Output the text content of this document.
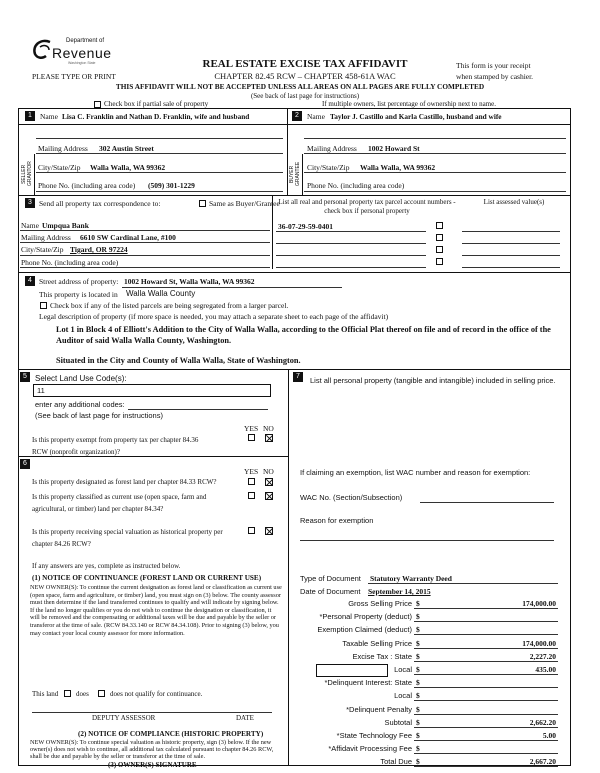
Department of
Revenue
Washington State
PLEASE TYPE OR PRINT
REAL ESTATE EXCISE TAX AFFIDAVIT
CHAPTER 82.45 RCW – CHAPTER 458-61A WAC
This form is your receipt
when stamped by cashier.
THIS AFFIDAVIT WILL NOT BE ACCEPTED UNLESS ALL AREAS ON ALL PAGES ARE FULLY COMPLETED
(See back of last page for instructions)
Check box if partial sale of property	If multiple owners, list percentage of ownership next to name.
1	2
Name Lisa C. Franklin and Nathan D. Franklin, wife and husband
Mailing Address 302 Austin Street
SELLER GRANTOR City/State/Zip Walla Walla, WA 99362
Phone No. (including area code) (509) 301-1229
Name Taylor J. Castillo and Karla Castillo, husband and wife
Mailing Address 1002 Howard St
BUYER GRANTEE City/State/Zip Walla Walla, WA 99362
Phone No. (including area code)
3 Send all property tax correspondence to:	Same as Buyer/Grantee
List all real and personal property tax parcel account numbers - check box if personal property
List assessed value(s)
Name Umpqua Bank
Mailing Address 6610 SW Cardinal Lane, #100
City/State/Zip Tigard, OR 97224
Phone No. (including area code)
36-07-29-59-0401
4 Street address of property: 1002 Howard St, Walla Walla, WA 99362
This property is located in Walla Walla County
Check box if any of the listed parcels are being segregated from a larger parcel.
Legal description of property (if more space is needed, you may attach a separate sheet to each page of the affidavit)
Lot 1 in Block 4 of Elliott's Addition to the City of Walla Walla, according to the Official Plat thereof on file and of record in the office of the Auditor of said Walla Walla County, Washington.
Situated in the City and County of Walla Walla, State of Washington.
5	Select Land Use Code(s):
11
enter any additional codes:
(See back of last page for instructions)
YES NO
Is this property exempt from property tax per chapter 84.36 RCW (nonprofit organization)?
7	List all personal property (tangible and intangible) included in selling price.
6
YES NO
Is this property designated as forest land per chapter 84.33 RCW?
Is this property classified as current use (open space, farm and agricultural, or timber) land per chapter 84.34?
Is this property receiving special valuation as historical property per chapter 84.26 RCW?
If any answers are yes, complete as instructed below.
(1) NOTICE OF CONTINUANCE (FOREST LAND OR CURRENT USE)
NEW OWNER(S): To continue the current designation as forest land or classification as current use (open space, farm and agriculture, or timber) land, you must sign on (3) below. The county assessor must then determine if the land transferred continues to qualify and will indicate by signing below. If the land no longer qualifies or you do not wish to continue the designation or classification, it will be removed and the compensating or additional taxes will be due and payable by the seller or transferor at the time of sale. (RCW 84.33.140 or RCW 84.34.108). Prior to signing (3) below, you may contact your local county assessor for more information.
This land	does	does not qualify for continuance.
DEPUTY ASSESSOR	DATE
(2) NOTICE OF COMPLIANCE (HISTORIC PROPERTY)
NEW OWNER(S): To continue special valuation as historic property, sign (3) below. If the new owner(s) does not wish to continue, all additional tax calculated pursuant to chapter 84.26 RCW, shall be due and payable by the seller or transferor at the time of sale.
(3) OWNER(S) SIGNATURE
If claiming an exemption, list WAC number and reason for exemption:
WAC No. (Section/Subsection)
Reason for exemption
Type of Document Statutory Warranty Deed
Date of Document September 14, 2015
Gross Selling Price $	174,000.00
*Personal Property (deduct) $
Exemption Claimed (deduct) $
Taxable Selling Price $	174,000.00
Excise Tax : State $	2,227.20
Local $	435.00
*Delinquent Interest: State $
Local $
*Delinquent Penalty $
Subtotal $	2,662.20
*State Technology Fee $	5.00
*Affidavit Processing Fee $
Total Due $	2,667.20
